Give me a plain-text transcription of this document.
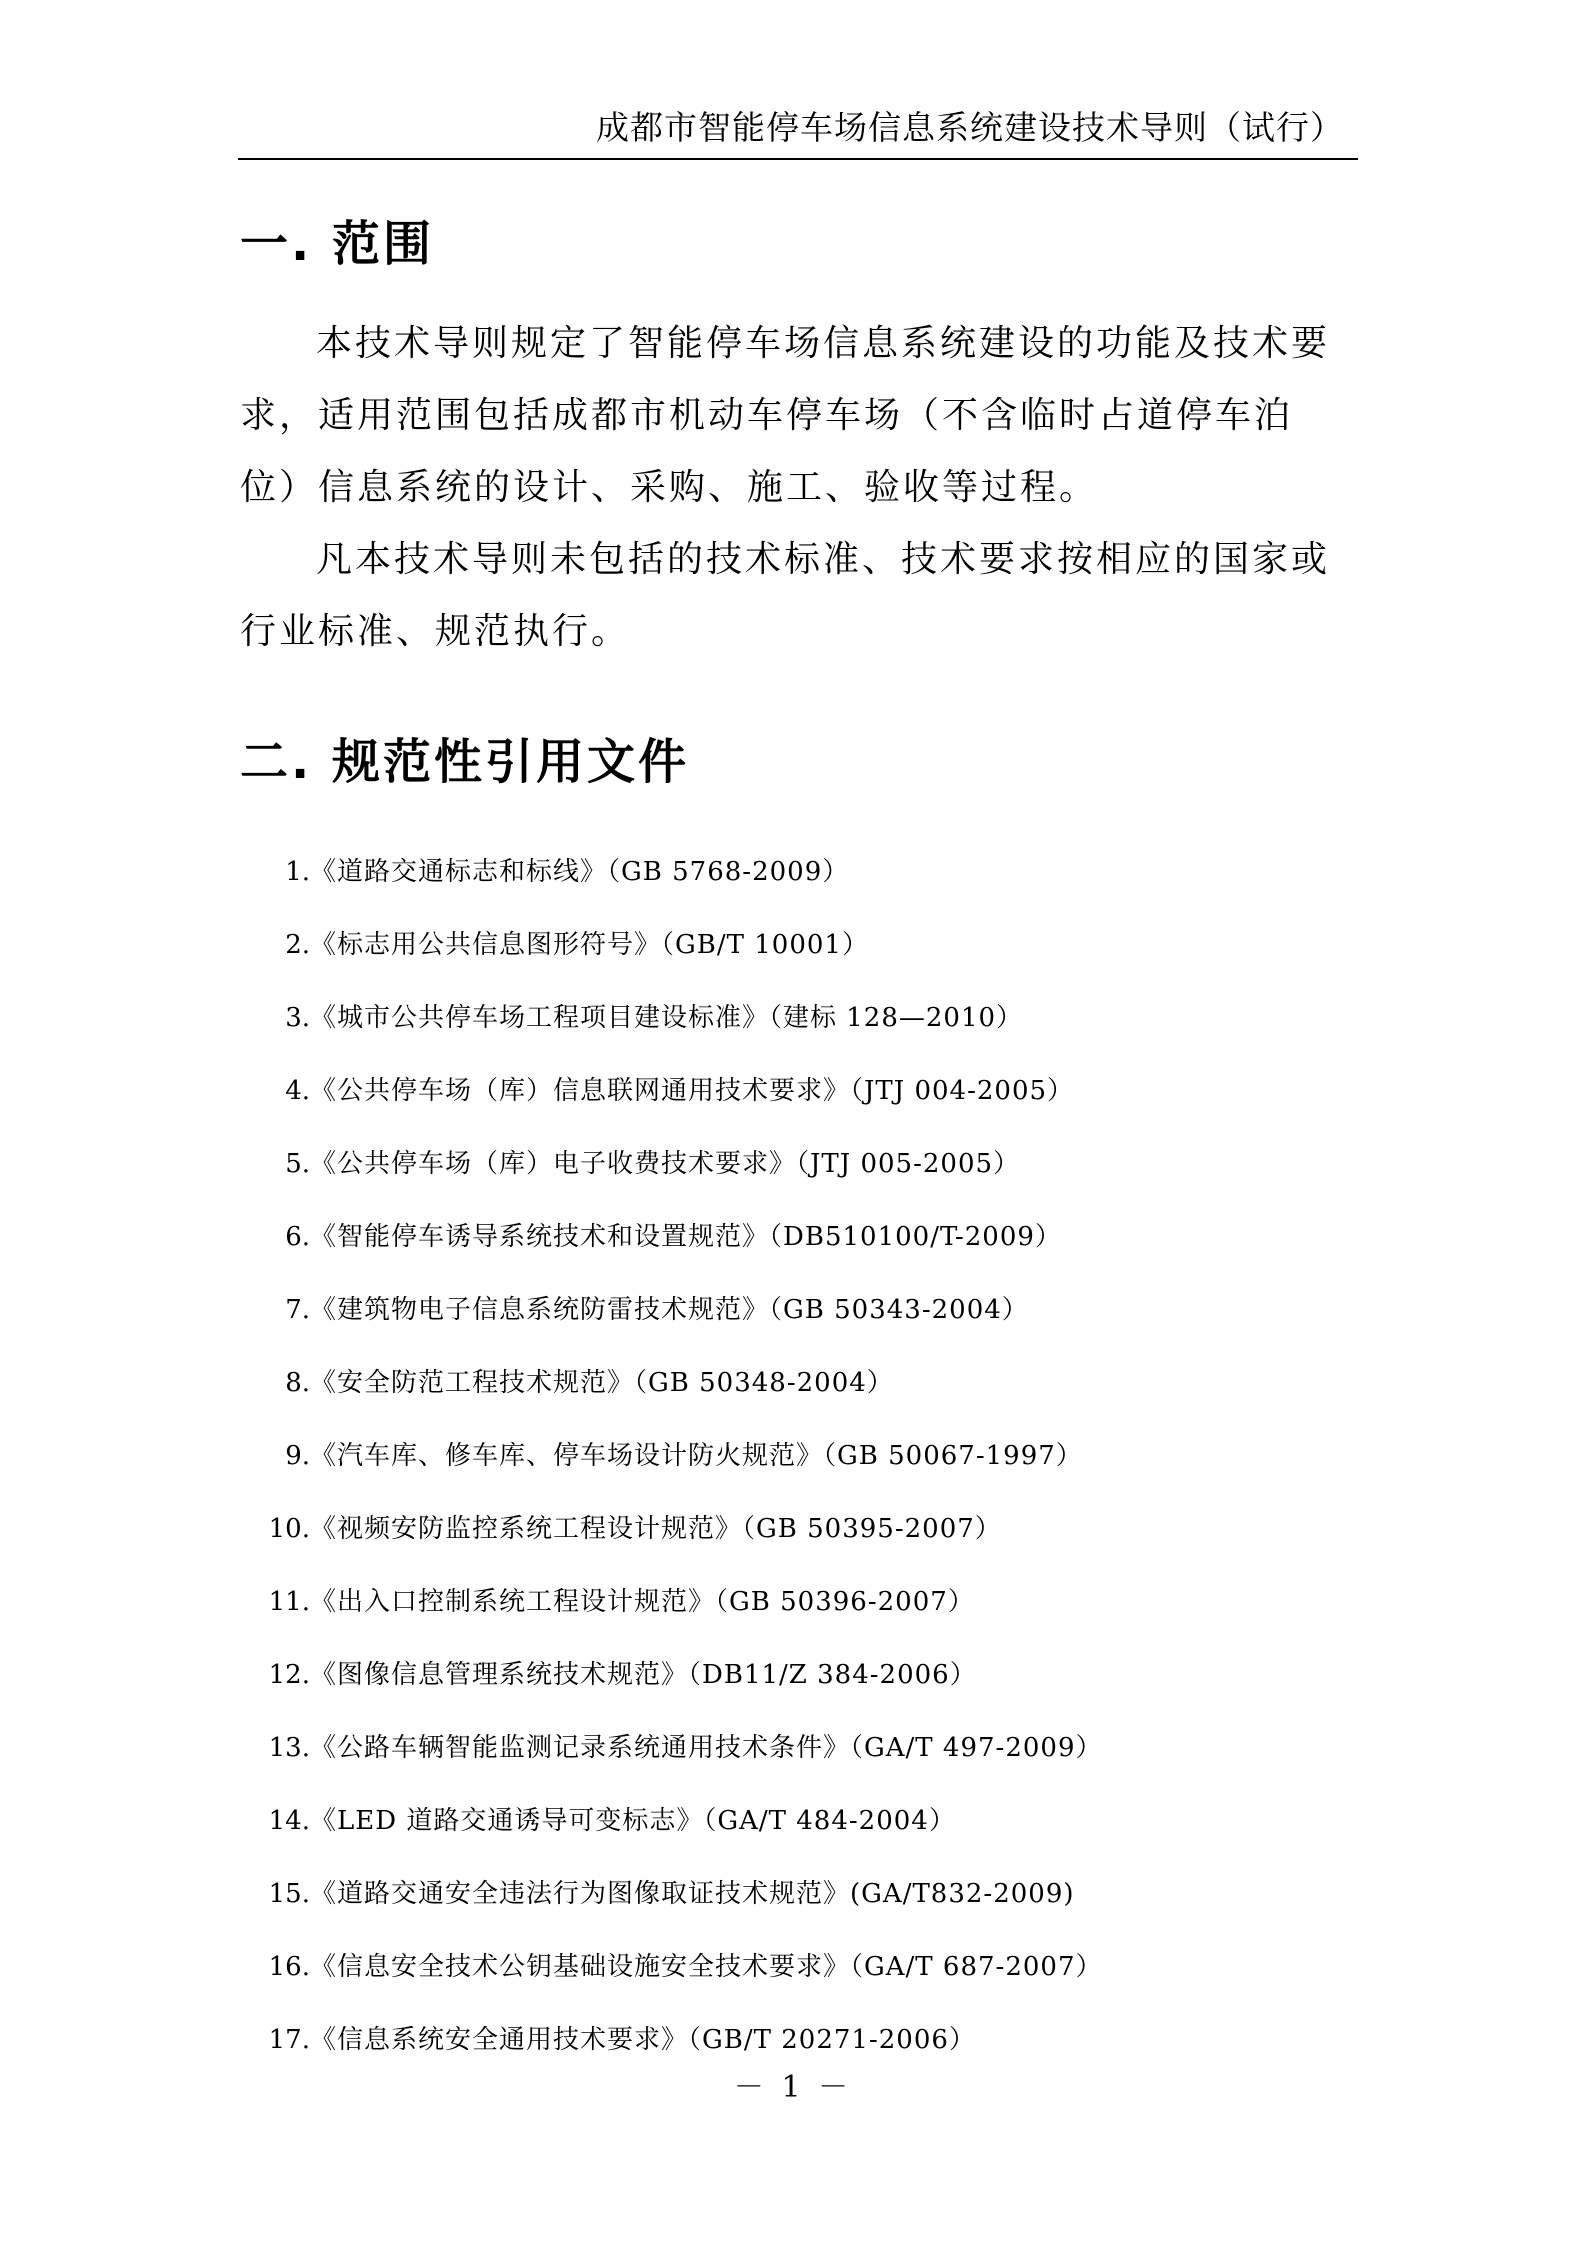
成都市智能停车场信息系统建设技术导则（试行）
一. 范围

本技术导则规定了智能停车场信息系统建设的功能及技术要求，适用范围包括成都市机动车停车场（不含临时占道停车泊位）信息系统的设计、采购、施工、验收等过程。

凡本技术导则未包括的技术标准、技术要求按相应的国家或行业标准、规范执行。

二. 规范性引用文件
1. 《道路交通标志和标线》（GB 5768-2009）
2. 《标志用公共信息图形符号》（GB/T 10001）
3. 《城市公共停车场工程项目建设标准》（建标 128—2010）
4. 《公共停车场（库）信息联网通用技术要求》（JTJ 004-2005）
5. 《公共停车场（库）电子收费技术要求》（JTJ 005-2005）
6. 《智能停车诱导系统技术和设置规范》（DB510100/T-2009）
7. 《建筑物电子信息系统防雷技术规范》（GB 50343-2004）
8. 《安全防范工程技术规范》（GB 50348-2004）
9. 《汽车库、修车库、停车场设计防火规范》（GB 50067-1997）
10. 《视频安防监控系统工程设计规范》（GB 50395-2007）
11. 《出入口控制系统工程设计规范》（GB 50396-2007）
12. 《图像信息管理系统技术规范》（DB11/Z 384-2006）
13. 《公路车辆智能监测记录系统通用技术条件》（GA/T 497-2009）
14. 《LED 道路交通诱导可变标志》（GA/T 484-2004）
15. 《道路交通安全违法行为图像取证技术规范》(GA/T832-2009)
16. 《信息安全技术公钥基础设施安全技术要求》（GA/T 687-2007）
17. 《信息系统安全通用技术要求》（GB/T 20271-2006）
－ 1 －
